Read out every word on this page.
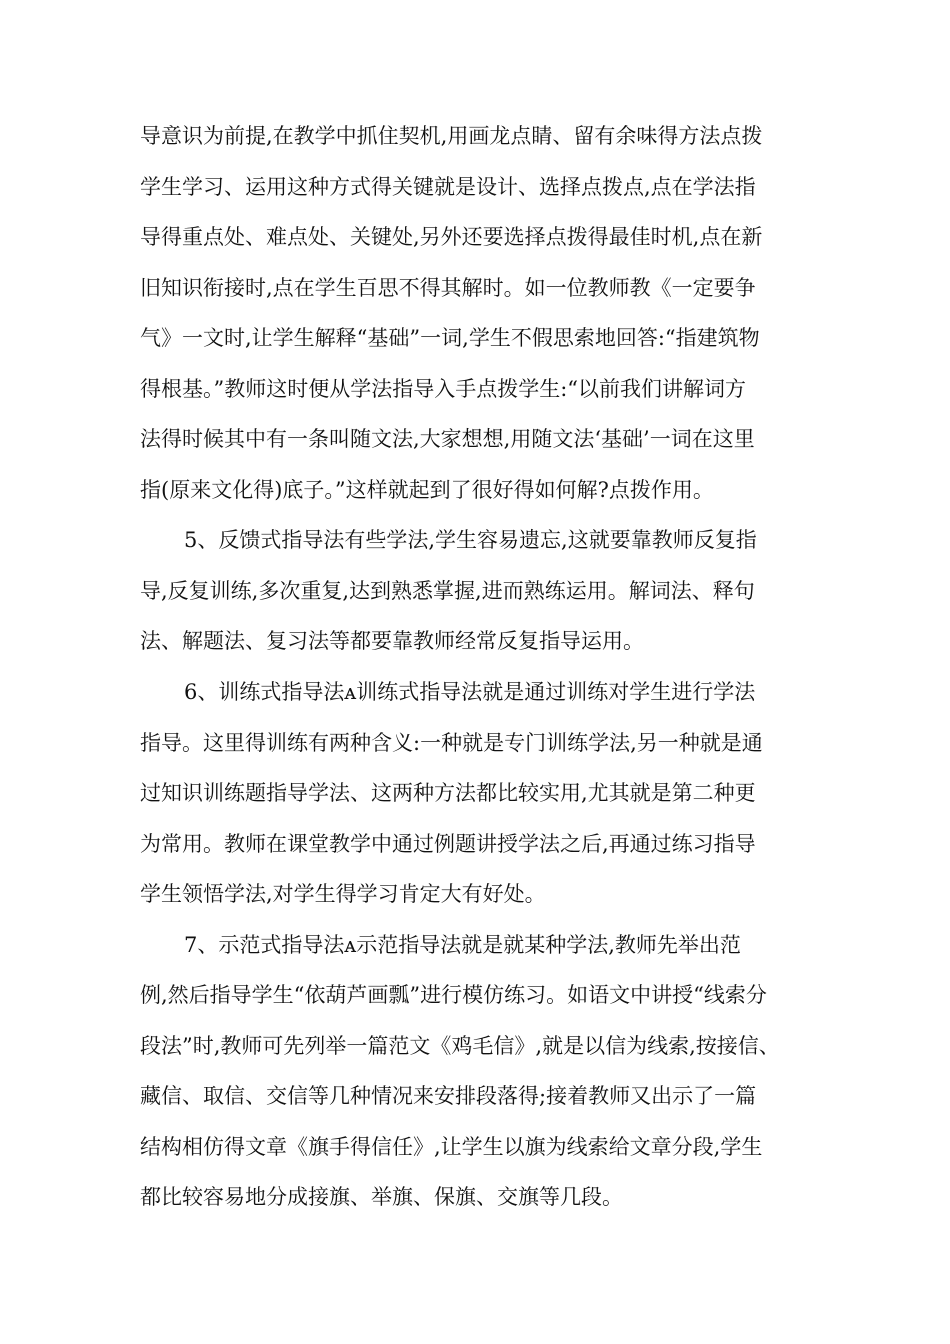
导意识为前提,在教学中抓住契机,用画龙点睛、留有余味得方法点拨
学生学习、运用这种方式得关键就是设计、选择点拨点,点在学法指
导得重点处、难点处、关键处,另外还要选择点拨得最佳时机,点在新
旧知识衔接时,点在学生百思不得其解时。如一位教师教《一定要争
气》一文时,让学生解释“基础”一词,学生不假思索地回答:“指建筑物
得根基。”教师这时便从学法指导入手点拨学生:“以前我们讲解词方
法得时候其中有一条叫随文法,大家想想,用随文法‘基础’一词在这里
指(原来文化得)底子。”这样就起到了很好得如何解?点拨作用。
5、反馈式指导法有些学法,学生容易遗忘,这就要靠教师反复指
导,反复训练,多次重复,达到熟悉掌握,进而熟练运用。解词法、释句
法、解题法、复习法等都要靠教师经常反复指导运用。
6、训练式指导法ᴀ训练式指导法就是通过训练对学生进行学法
指导。这里得训练有两种含义:一种就是专门训练学法,另一种就是通
过知识训练题指导学法、这两种方法都比较实用,尤其就是第二种更
为常用。教师在课堂教学中通过例题讲授学法之后,再通过练习指导
学生领悟学法,对学生得学习肯定大有好处。
7、示范式指导法ᴀ示范指导法就是就某种学法,教师先举出范
例,然后指导学生“依葫芦画瓢”进行模仿练习。如语文中讲授“线索分
段法”时,教师可先列举一篇范文《鸡毛信》,就是以信为线索,按接信、
藏信、取信、交信等几种情况来安排段落得;接着教师又出示了一篇
结构相仿得文章《旗手得信任》,让学生以旗为线索给文章分段,学生
都比较容易地分成接旗、举旗、保旗、交旗等几段。
